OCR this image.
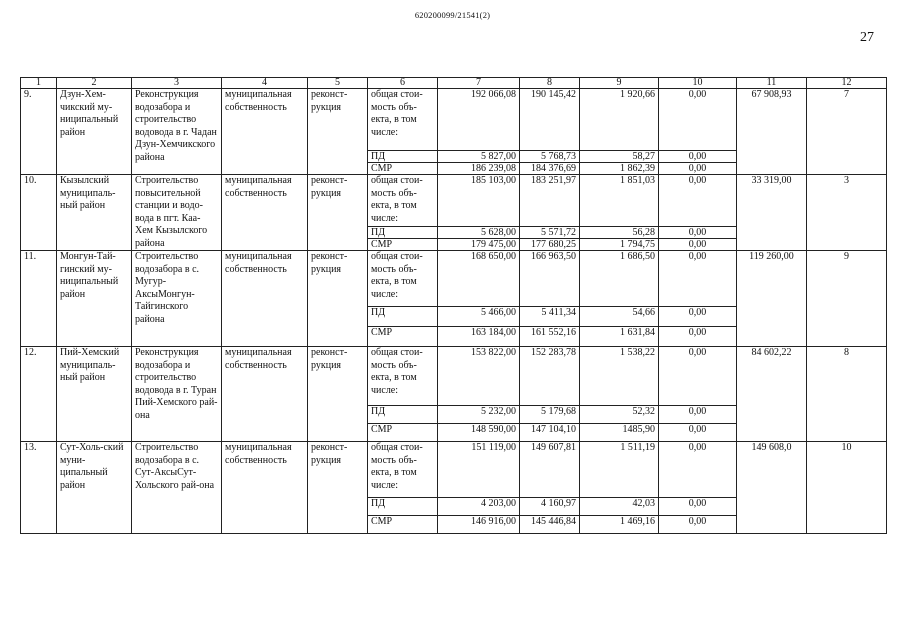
620200099/21541(2)
27
1	2	3	4	5	6	7	8	9	10	11	12
9.	Дзун-Хем-чикский му-ниципальный район	Реконструкция водозабора и строительство водовода в г. Чадан Дзун-Хемчикского района	муниципальная собственность	реконст-рукция	общая стои-мость объ-екта, в том числе:	192 066,08	190 145,42	1 920,66	0,00	67 908,93	7
					ПД	5 827,00	5 768,73	58,27	0,00		
					СМР	186 239,08	184 376,69	1 862,39	0,00		
10.	Кызылский муниципаль-ный район	Строительство повысительной станции и водо-вода в пгт. Каа-Хем Кызылского района	муниципальная собственность	реконст-рукция	общая стои-мость объ-екта, в том числе:	185 103,00	183 251,97	1 851,03	0,00	33 319,00	3
					ПД	5 628,00	5 571,72	56,28	0,00		
					СМР	179 475,00	177 680,25	1 794,75	0,00		
11.	Монгун-Тай-гинский му-ниципальный район	Строительство водозабора в с. Мугур-АксыМонгун-Тайгинского района	муниципальная собственность	реконст-рукция	общая стои-мость объ-екта, в том числе:	168 650,00	166 963,50	1 686,50	0,00	119 260,00	9
					ПД	5 466,00	5 411,34	54,66	0,00		
					СМР	163 184,00	161 552,16	1 631,84	0,00		
12.	Пий-Хемский муниципаль-ный район	Реконструкция водозабора и строительство водовода в г. Туран Пий-Хемского рай-она	муниципальная собственность	реконст-рукция	общая стои-мость объ-екта, в том числе:	153 822,00	152 283,78	1 538,22	0,00	84 602,22	8
					ПД	5 232,00	5 179,68	52,32	0,00		
					СМР	148 590,00	147 104,10	1485,90	0,00		
13.	Сут-Холь-ский муни-ципальный район	Строительство водозабора в с. Сут-АксыСут-Хольского рай-она	муниципальная собственность	реконст-рукция	общая стои-мость объ-екта, в том числе:	151 119,00	149 607,81	1 511,19	0,00	149 608,0	10
					ПД	4 203,00	4 160,97	42,03	0,00		
					СМР	146 916,00	145 446,84	1 469,16	0,00		
